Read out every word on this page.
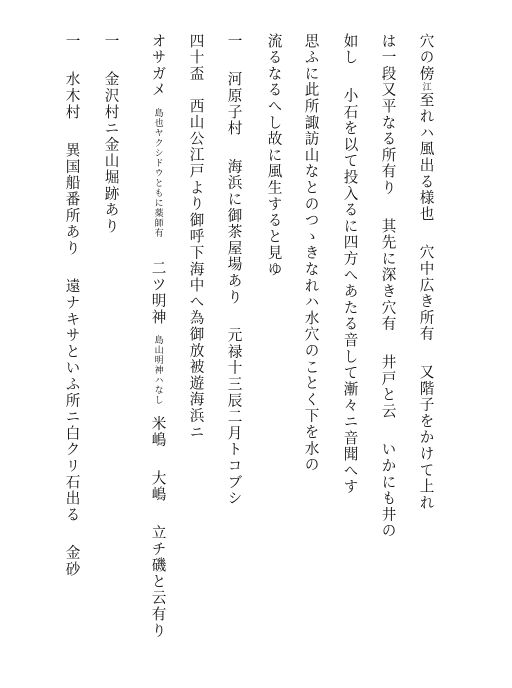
穴の傍江至れハ風出る様也穴中広き所有又階子をかけて上れ
は一段又平なる所有り其先に深き穴有井戸と云いかにも井の
如し小石を以て投入るに四方へあたる音して漸々ニ音聞へす
思ふに此所諏訪山なとのつゝきなれハ水穴のことく下を水の
流るなるへし故に風生すると見ゆ
一河原子村海浜に御茶屋場あり元禄十三辰二月トコブシ
四十盃西山公江戸より御呼下海中へ為御放被遊海浜ニ
オサガメ島也ヤクシドウともに薬師有二ツ明神島山明神ハなし米嶋大嶋立チ磯と云有り
一金沢村ニ金山堀跡あり
一水木村異国船番所あり遠ナキサといふ所ニ白クリ石出る金砂
